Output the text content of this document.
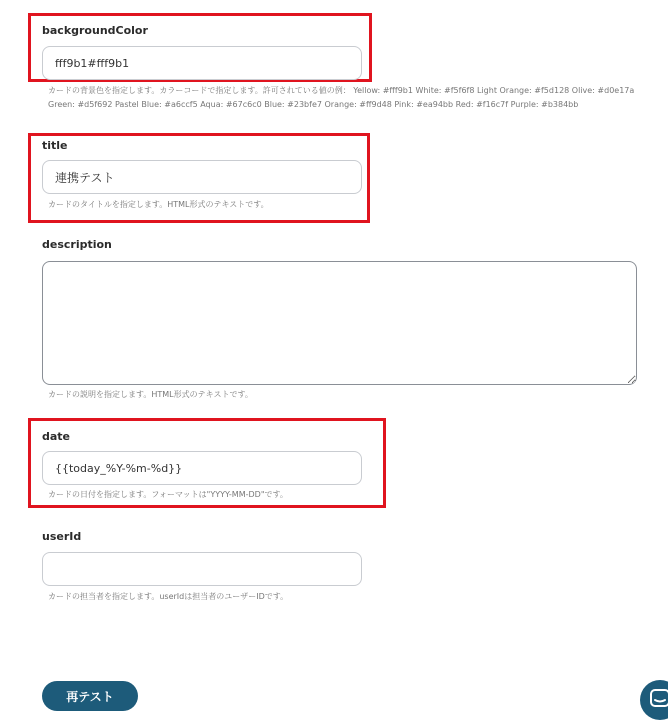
backgroundColor
fff9b1#fff9b1
カードの背景色を指定します。カラーコードで指定します。許可されている値の例： Yellow: #fff9b1 White: #f5f6f8 Light Orange: #f5d128 Olive: #d0e17a Green: #d5f692 Pastel Blue: #a6ccf5 Aqua: #67c6c0 Blue: #23bfe7 Orange: #ff9d48 Pink: #ea94bb Red: #f16c7f Purple: #b384bb
title
連携テスト
カードのタイトルを指定します。HTML形式のテキストです。
description
カードの説明を指定します。HTML形式のテキストです。
date
{{today_%Y-%m-%d}}
カードの日付を指定します。フォーマットは"YYYY-MM-DD"です。
userId
カードの担当者を指定します。userIdは担当者のユーザーIDです。
再テスト
